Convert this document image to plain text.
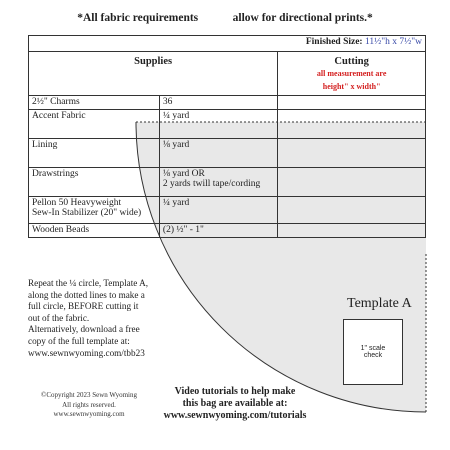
*All fabric requirements	allow for directional prints.*
Finished Size: 11½"h x 7½"w		
Supplies		Cutting
all measurement are
height" x width"

2½" Charms	36	
Accent Fabric	¼ yard	
Lining	⅛ yard	
Drawstrings	⅛ yard OR
2 yards twill tape/cording	

Pellon 50 Heavyweight
Sew-In Stabilizer (20" wide)	¼ yard	
Wooden Beads	(2) ½" - 1"	
Template A
1" scale
check
Repeat the ¼ circle, Template A,
along the dotted lines to make a
full circle, BEFORE cutting it
out of the fabric.
Alternatively, download a free
copy of the full template at:
www.sewnwyoming.com/tbb23
©Copyright 2023 Sewn Wyoming
All rights reserved.
www.sewnwyoming.com
Video tutorials to help make
this bag are available at:
www.sewnwyoming.com/tutorials
